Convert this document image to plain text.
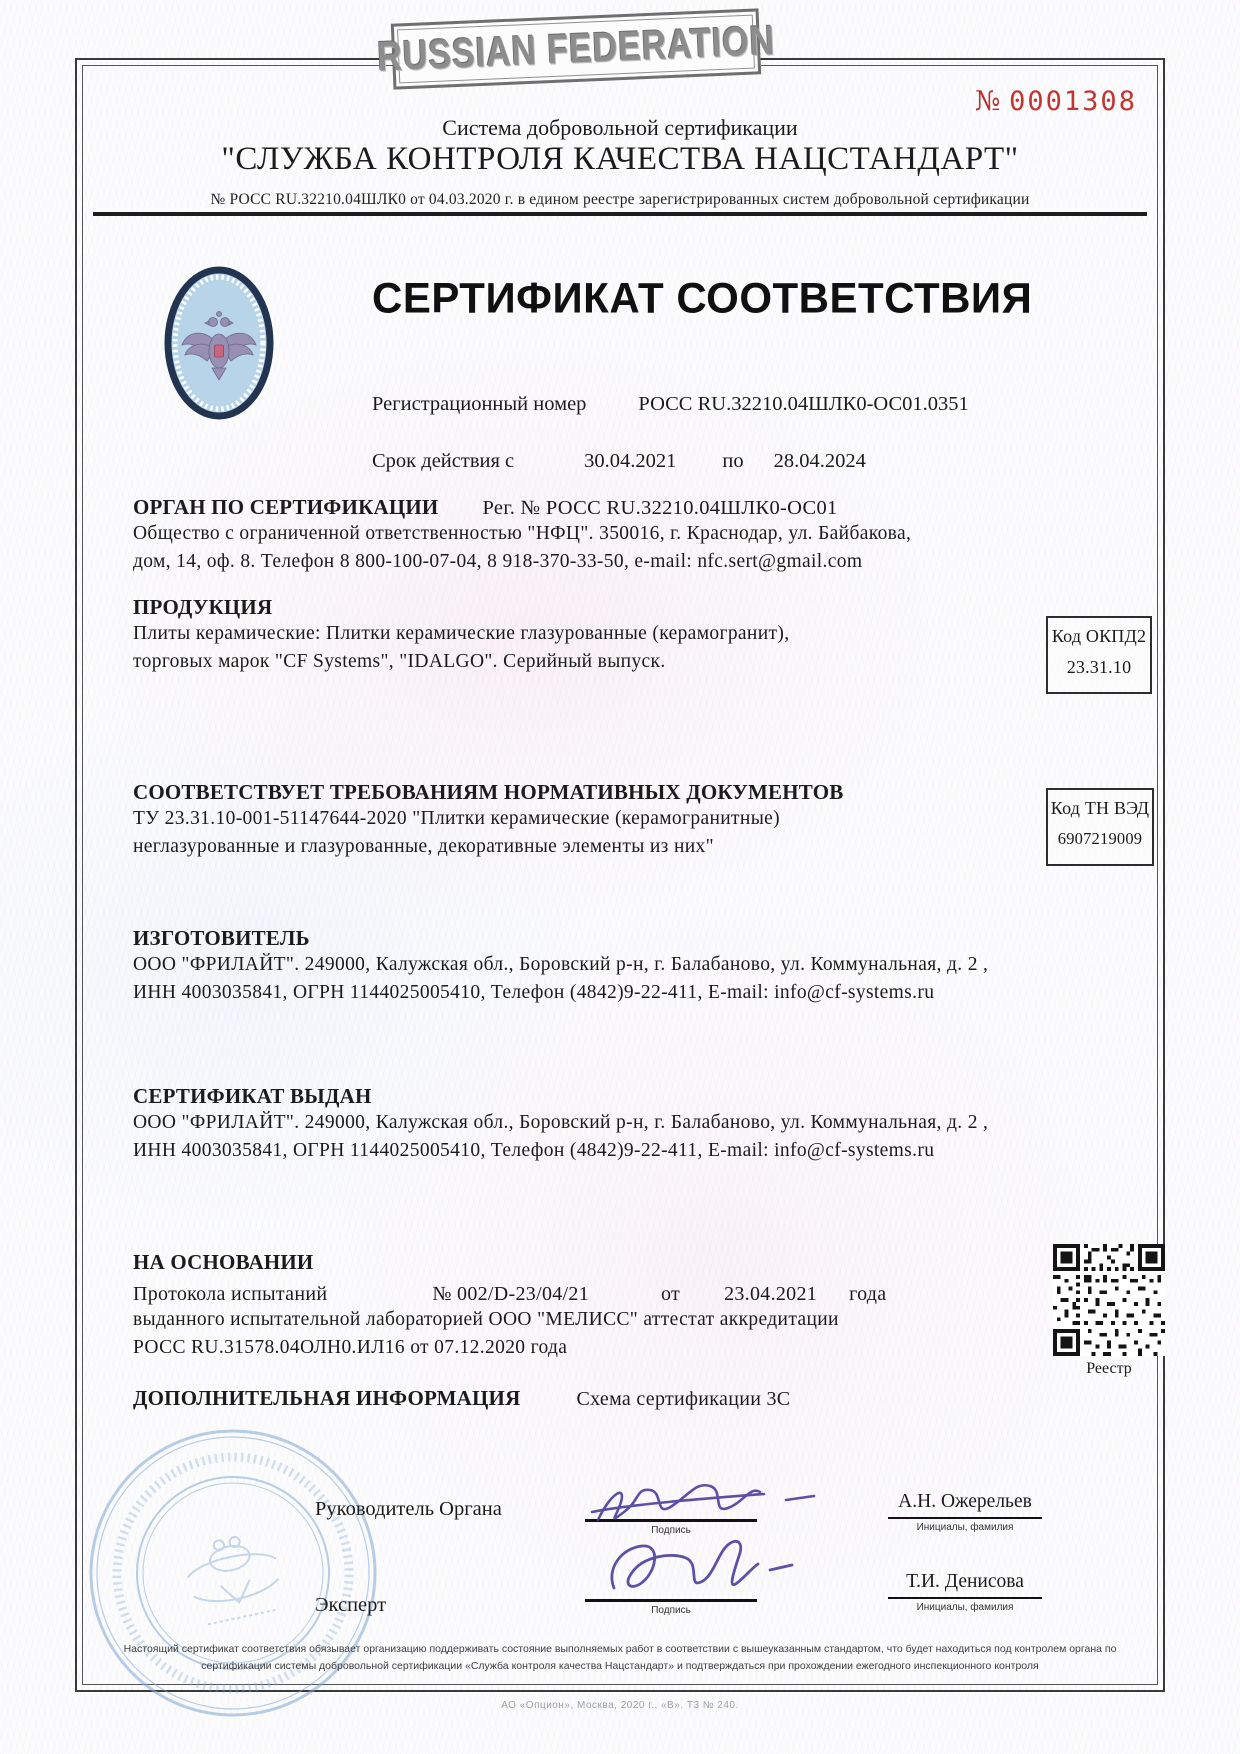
RUSSIAN FEDERATION
№ 0001308
Система добровольной сертификации
"СЛУЖБА КОНТРОЛЯ КАЧЕСТВА НАЦСТАНДАРТ"
№ РОСС RU.32210.04ШЛК0 от 04.03.2020 г. в едином реестре зарегистрированных систем добровольной сертификации
СЕРТИФИКАТ СООТВЕТСТВИЯ
Регистрационный номер	РОСС RU.32210.04ШЛК0-ОС01.0351
Срок действия с	30.04.2021 по 28.04.2024
ОРГАН ПО СЕРТИФИКАЦИИ Рег. № РОСС RU.32210.04ШЛК0-ОС01
Общество с ограниченной ответственностью "НФЦ". 350016, г. Краснодар, ул. Байбакова,
дом, 14, оф. 8. Телефон 8 800-100-07-04, 8 918-370-33-50, e-mail: nfc.sert@gmail.com
ПРОДУКЦИЯ
Плиты керамические: Плитки керамические глазурованные (керамогранит),
торговых марок "CF Systems", "IDALGO". Серийный выпуск.
Код ОКПД2
23.31.10
СООТВЕТСТВУЕТ ТРЕБОВАНИЯМ НОРМАТИВНЫХ ДОКУМЕНТОВ
ТУ 23.31.10-001-51147644-2020 "Плитки керамические (керамогранитные)
неглазурованные и глазурованные, декоративные элементы из них"
Код ТН ВЭД
6907219009
ИЗГОТОВИТЕЛЬ
ООО "ФРИЛАЙТ". 249000, Калужская обл., Боровский р-н, г. Балабаново, ул. Коммунальная, д. 2 ,
ИНН 4003035841, ОГРН 1144025005410, Телефон (4842)9-22-411, E-mail: info@cf-systems.ru
СЕРТИФИКАТ ВЫДАН
ООО "ФРИЛАЙТ". 249000, Калужская обл., Боровский р-н, г. Балабаново, ул. Коммунальная, д. 2 ,
ИНН 4003035841, ОГРН 1144025005410, Телефон (4842)9-22-411, E-mail: info@cf-systems.ru
НА ОСНОВАНИИ
Протокола испытаний	№ 002/D-23/04/21	от 23.04.2021 года
выданного испытательной лабораторией ООО "МЕЛИСС" аттестат аккредитации
РОСС RU.31578.04ОЛН0.ИЛ16 от 07.12.2020 года
Реестр
ДОПОЛНИТЕЛЬНАЯ ИНФОРМАЦИЯ	Схема сертификации 3С
Руководитель Органа
Эксперт
Подпись
А.Н. Ожерельев
Инициалы, фамилия
Подпись
Т.И. Денисова
Инициалы, фамилия
Настоящий сертификат соответствия обязывает организацию поддерживать состояние выполняемых работ в соответствии с вышеуказанным стандартом, что будет находиться под контролем органа по
сертификации системы добровольной сертификации «Служба контроля качества Нацстандарт» и подтверждаться при прохождении ежегодного инспекционного контроля
АО «Опцион», Москва, 2020 г., «В». Т3 № 240.
